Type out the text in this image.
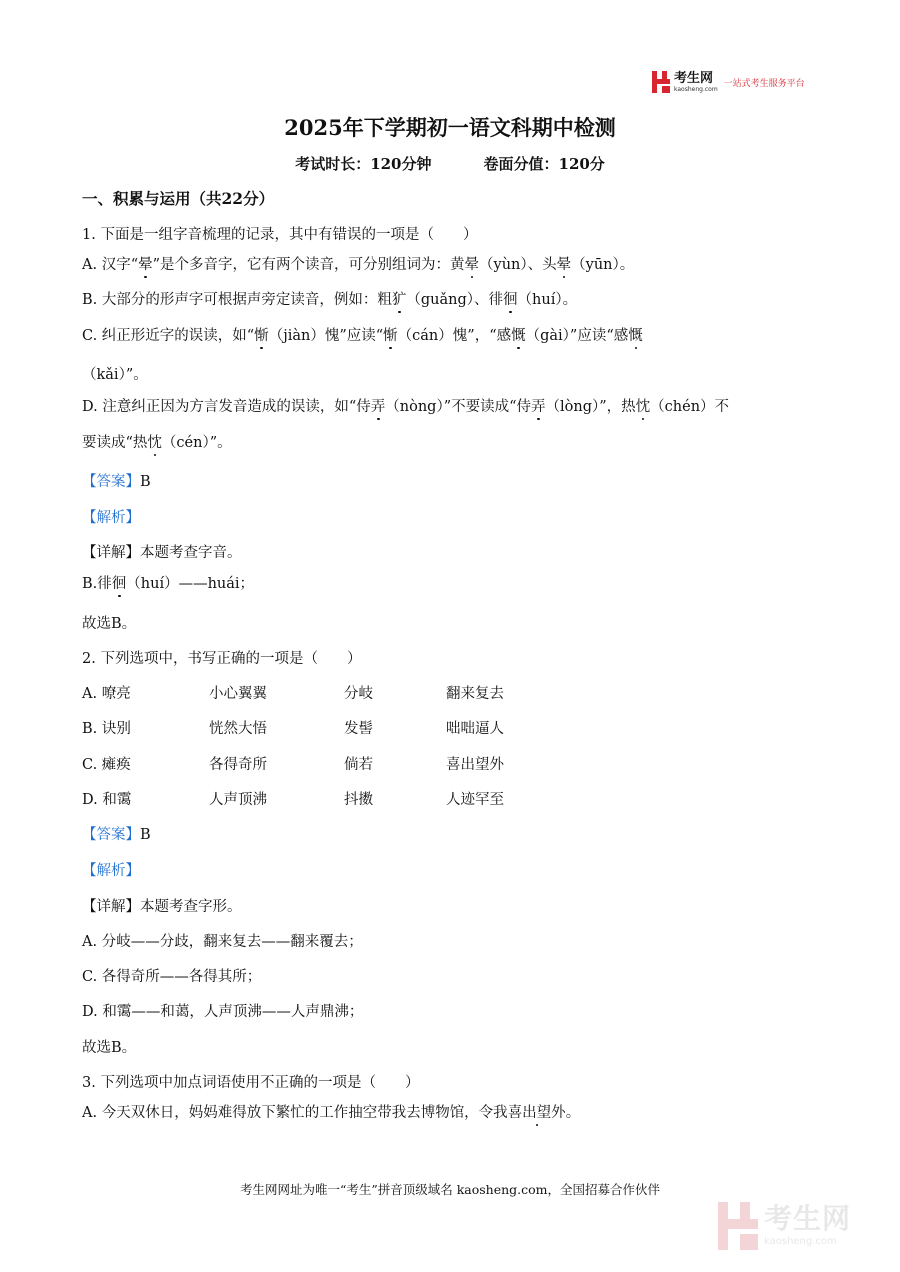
考生网
kaosheng.com
一站式考生服务平台
2025年下学期初一语文科期中检测
考试时长：120分钟	卷面分值：120分
一、积累与运用（共22分）
1. 下面是一组字音梳理的记录，其中有错误的一项是（　　）
A. 汉字“晕”是个多音字，它有两个读音，可分别组词为：黄晕（yùn）、头晕（yūn）。
B. 大部分的形声字可根据声旁定读音，例如：粗犷（guǎng）、徘徊（huí）。
C. 纠正形近字的误读，如“惭（jiàn）愧”应读“惭（cán）愧”，“感慨（gài）”应读“感慨
（kǎi）”。
D. 注意纠正因为方言发音造成的误读，如“侍弄（nòng）”不要读成“侍弄（lòng）”，热忱（chén）不
要读成“热忱（cén）”。
【答案】B
【解析】
【详解】本题考查字音。
B.徘徊（huí）——huái；
故选B。
2. 下列选项中，书写正确的一项是（　　）
A. 嘹亮	小心翼翼	分岐	翻来复去
B. 诀别	恍然大悟	发髻	咄咄逼人
C. 瘫痪	各得奇所	倘若	喜出望外
D. 和霭	人声顶沸	抖擞	人迹罕至
【答案】B
【解析】
【详解】本题考查字形。
A. 分岐——分歧，翻来复去——翻来覆去；
C. 各得奇所——各得其所；
D. 和霭——和蔼，人声顶沸——人声鼎沸；
故选B。
3. 下列选项中加点词语使用不正确的一项是（　　）
A. 今天双休日，妈妈难得放下繁忙的工作抽空带我去博物馆，令我喜出望外。
考生网网址为唯一“考生”拼音顶级域名 kaosheng.com，全国招募合作伙伴
考生网
kaosheng.com
